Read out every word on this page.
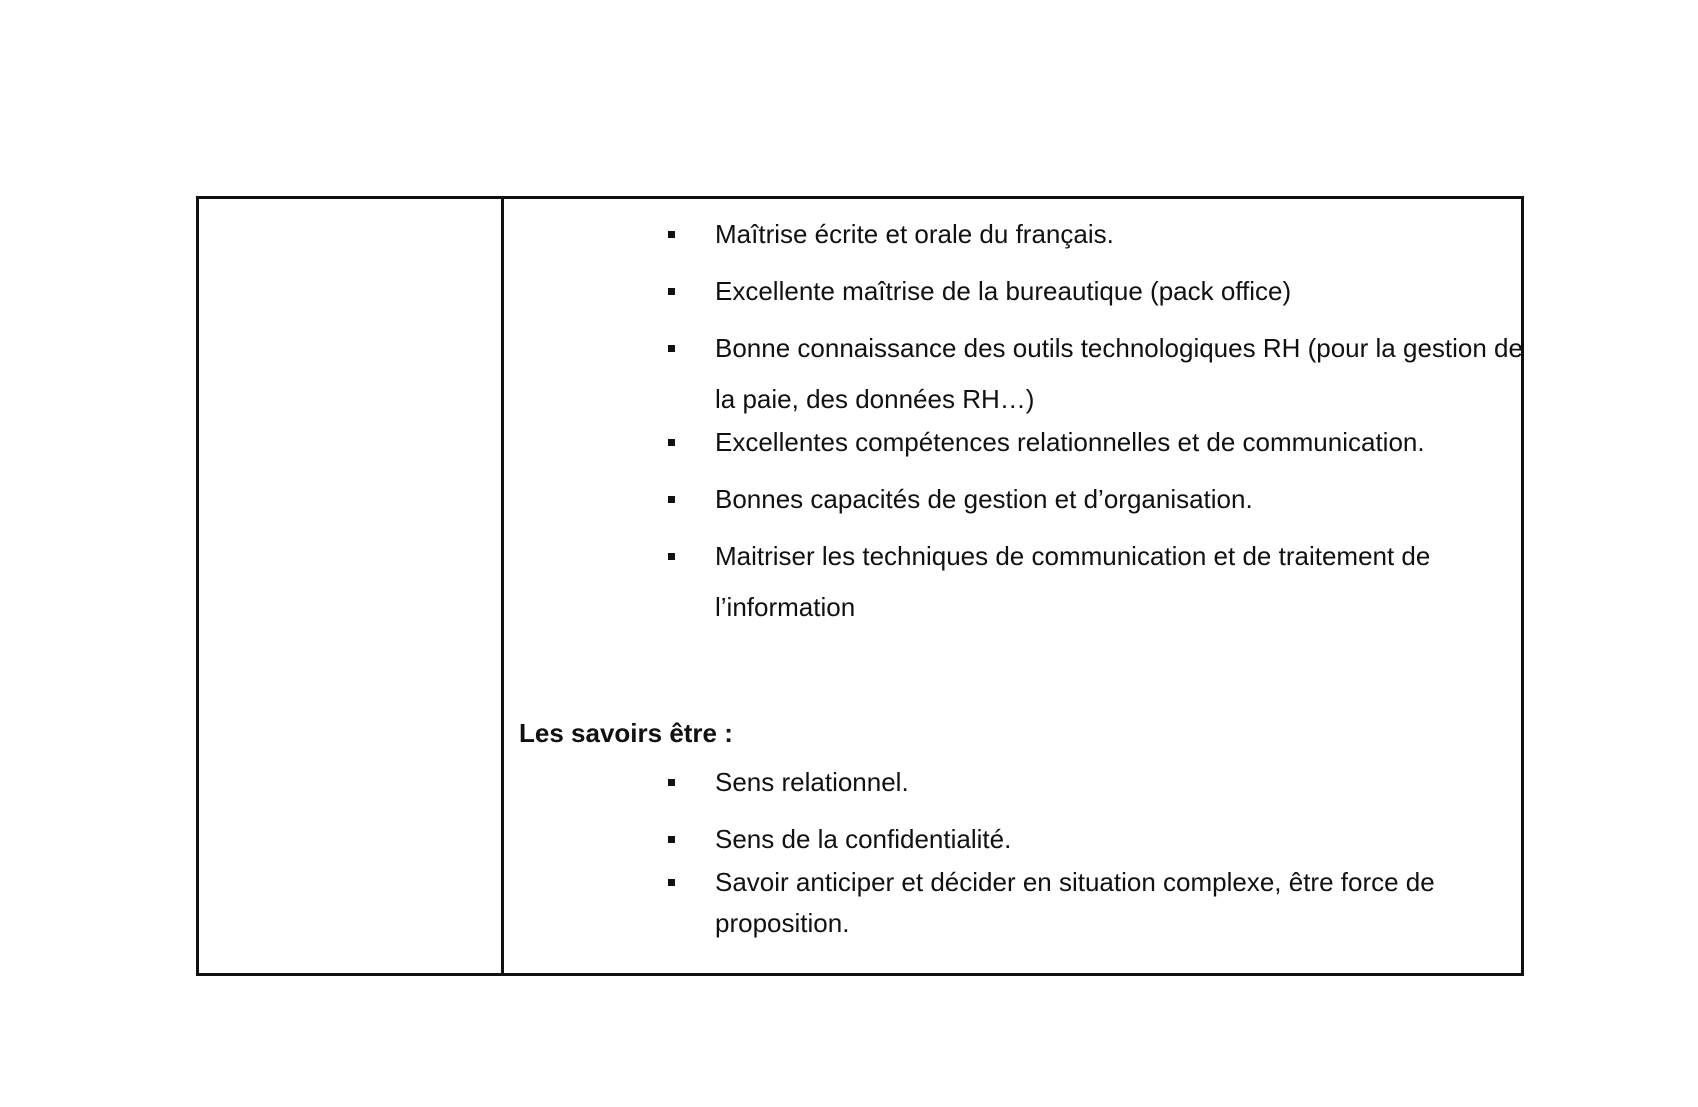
Maîtrise écrite et orale du français.
Excellente maîtrise de la bureautique (pack office)
Bonne connaissance des outils technologiques RH (pour la gestion de la paie, des données RH…)
Excellentes compétences relationnelles et de communication.
Bonnes capacités de gestion et d’organisation.
Maitriser les techniques de communication et de traitement de l’information
Les savoirs être :
Sens relationnel.
Sens de la confidentialité.
Savoir anticiper et décider en situation complexe, être force de proposition.
